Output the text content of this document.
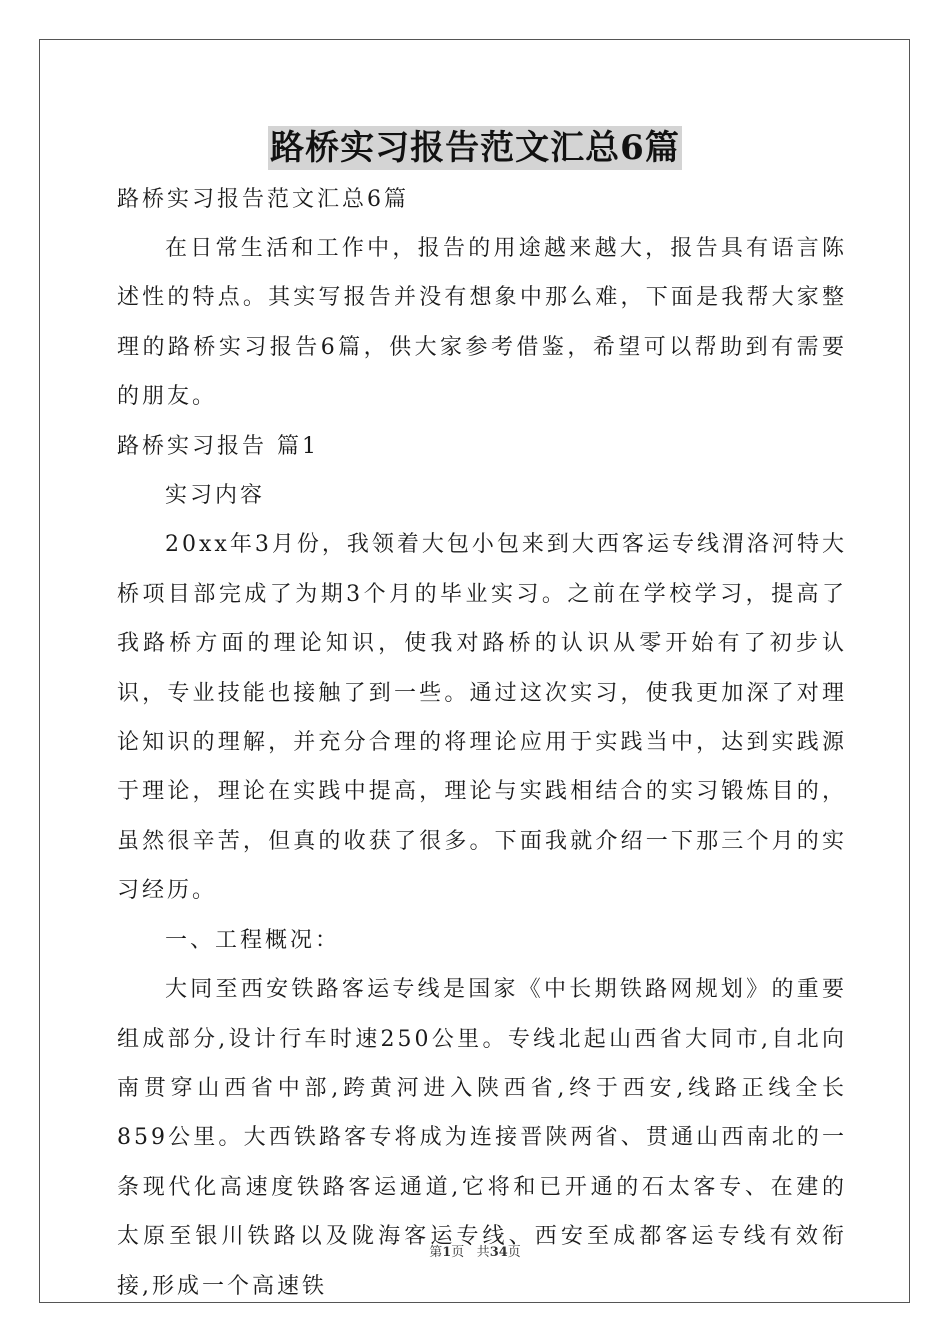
路桥实习报告范文汇总6篇

路桥实习报告范文汇总6篇

在日常生活和工作中，报告的用途越来越大，报告具有语言陈述性的特点。其实写报告并没有想象中那么难，下面是我帮大家整理的路桥实习报告6篇，供大家参考借鉴，希望可以帮助到有需要的朋友。

路桥实习报告 篇1

实习内容

20xx年3月份，我领着大包小包来到大西客运专线渭洛河特大桥项目部完成了为期3个月的毕业实习。之前在学校学习，提高了我路桥方面的理论知识，使我对路桥的认识从零开始有了初步认识，专业技能也接触了到一些。通过这次实习，使我更加深了对理论知识的理解，并充分合理的将理论应用于实践当中，达到实践源于理论，理论在实践中提高，理论与实践相结合的实习锻炼目的，虽然很辛苦，但真的收获了很多。下面我就介绍一下那三个月的实习经历。

一、工程概况：

大同至西安铁路客运专线是国家《中长期铁路网规划》的重要组成部分,设计行车时速250公里。专线北起山西省大同市,自北向南贯穿山西省中部,跨黄河进入陕西省,终于西安,线路正线全长859公里。大西铁路客专将成为连接晋陕两省、贯通山西南北的一条现代化高速度铁路客运通道,它将和已开通的石太客专、在建的太原至银川铁路以及陇海客运专线、西安至成都客运专线有效衔接,形成一个高速铁

第1页 共34页
